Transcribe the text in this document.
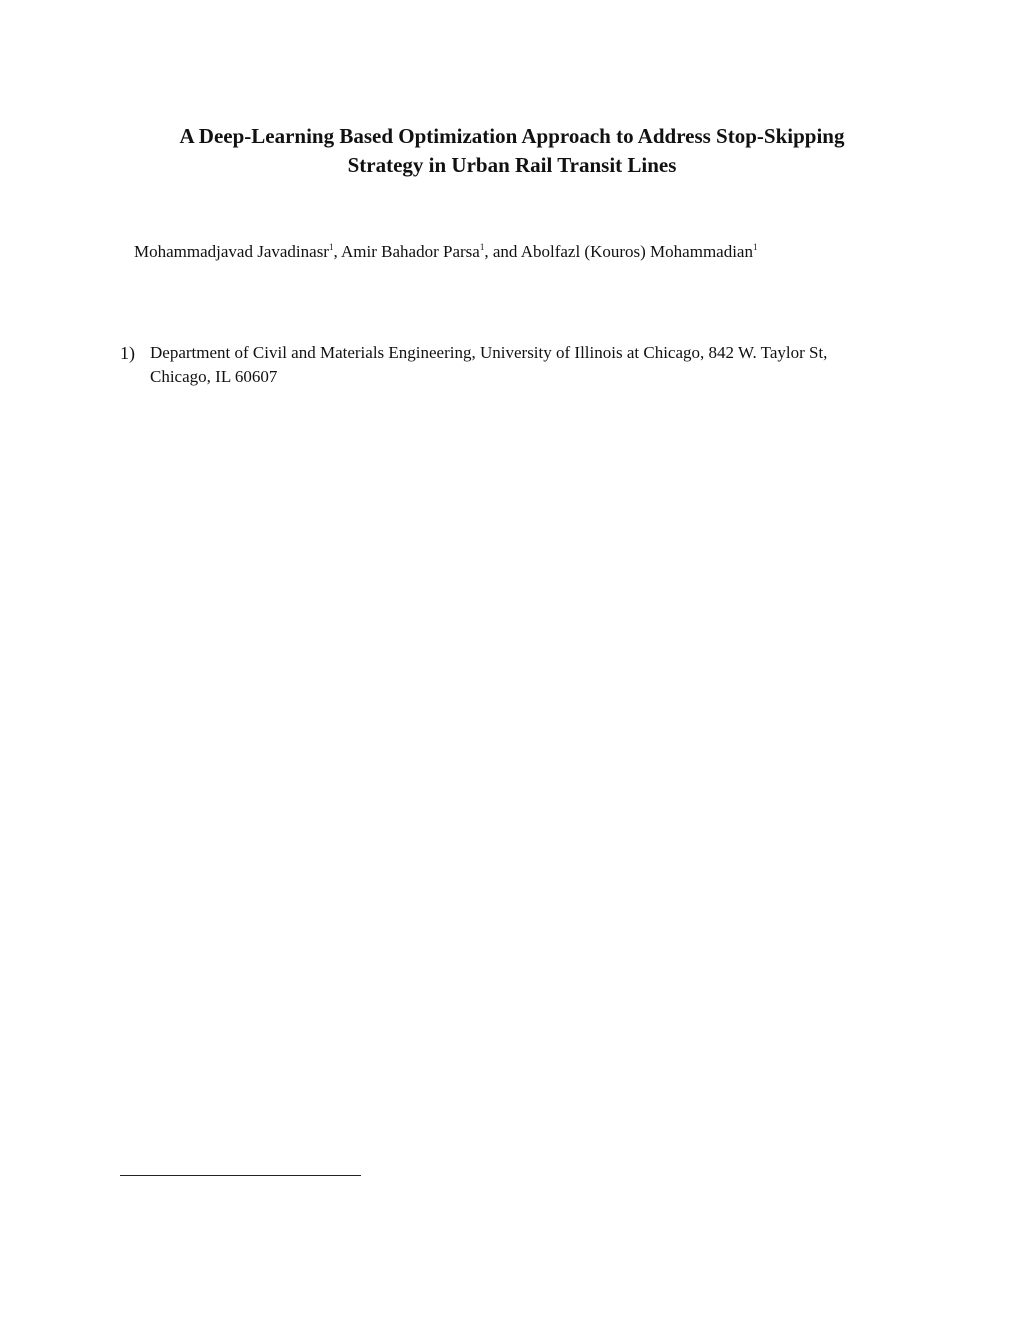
A Deep-Learning Based Optimization Approach to Address Stop-Skipping
Strategy in Urban Rail Transit Lines
Mohammadjavad Javadinasr$^1$, Amir Bahador Parsa$^1$, and Abolfazl (Kouros) Mohammadian$^1$
1) Department of Civil and Materials Engineering, University of Illinois at Chicago, 842 W. Taylor St,
Chicago, IL 60607
